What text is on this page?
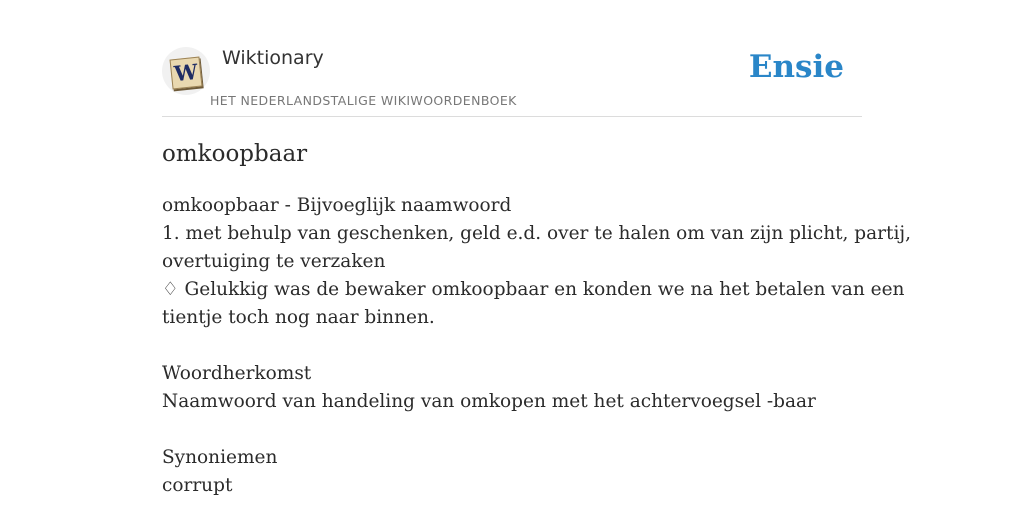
W
Wiktionary
HET NEDERLANDSTALIGE WIKIWOORDENBOEK
Ensie
omkoopbaar
omkoopbaar - Bijvoeglijk naamwoord
1. met behulp van geschenken, geld e.d. over te halen om van zijn plicht, partij,
overtuiging te verzaken
♢ Gelukkig was de bewaker omkoopbaar en konden we na het betalen van een
tientje toch nog naar binnen.
Woordherkomst
Naamwoord van handeling van omkopen met het achtervoegsel -baar
Synoniemen
corrupt
